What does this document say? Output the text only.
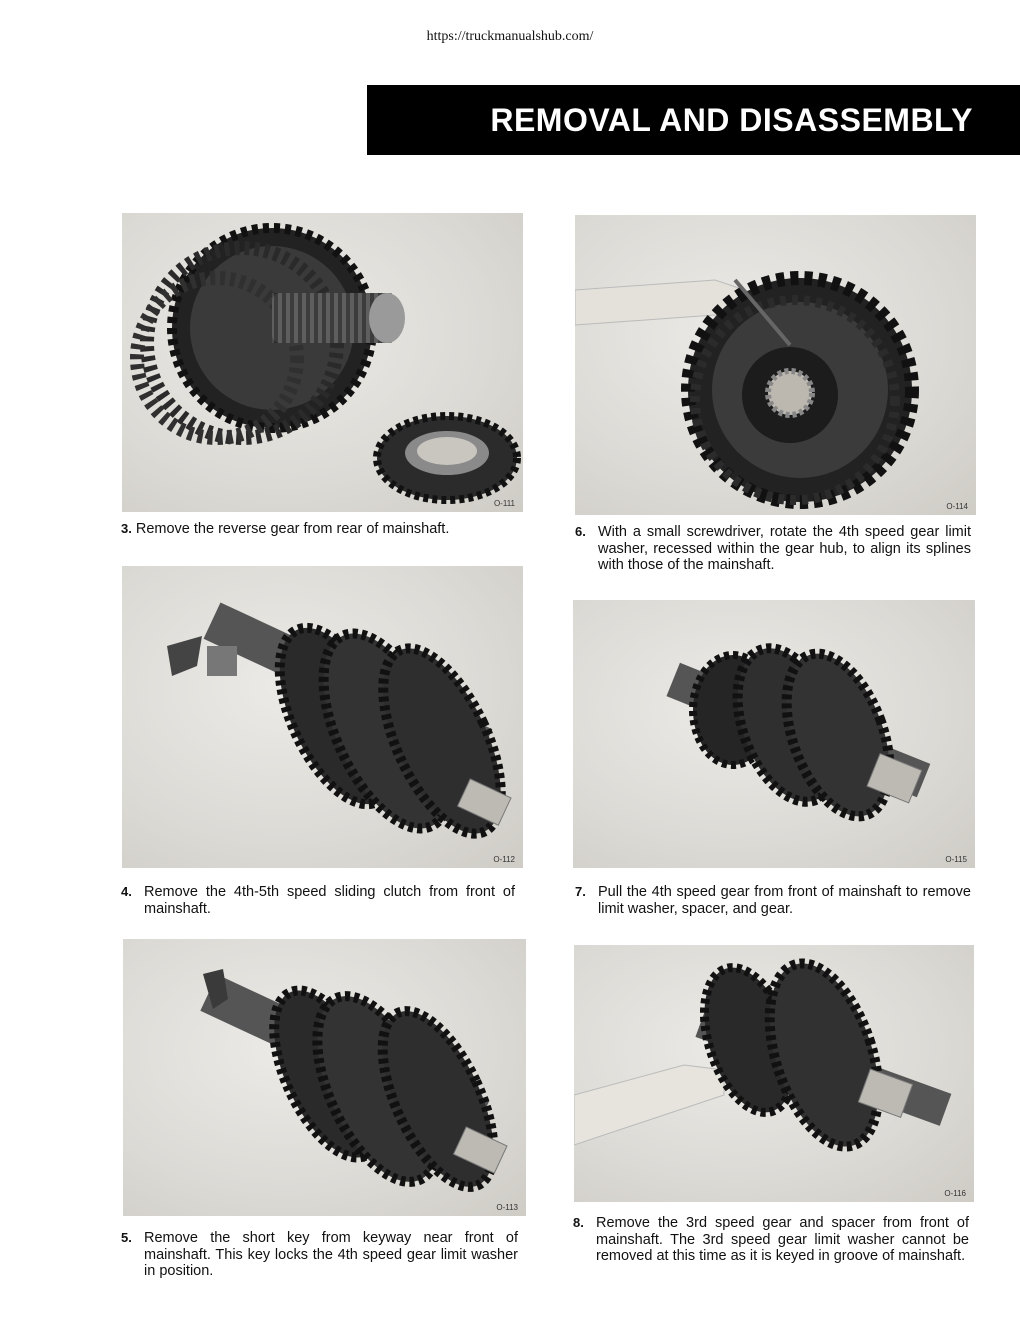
https://truckmanualshub.com/
REMOVAL AND DISASSEMBLY
O-111
3. Remove the reverse gear from rear of mainshaft.
O-112
4. Remove the 4th-5th speed sliding clutch from front of mainshaft.
O-113
5. Remove the short key from keyway near front of mainshaft. This key locks the 4th speed gear limit washer in position.
O-114
6. With a small screwdriver, rotate the 4th speed gear limit washer, recessed within the gear hub, to align its splines with those of the mainshaft.
O-115
7. Pull the 4th speed gear from front of mainshaft to remove limit washer, spacer, and gear.
O-116
8. Remove the 3rd speed gear and spacer from front of mainshaft. The 3rd speed gear limit washer cannot be removed at this time as it is keyed in groove of mainshaft.
